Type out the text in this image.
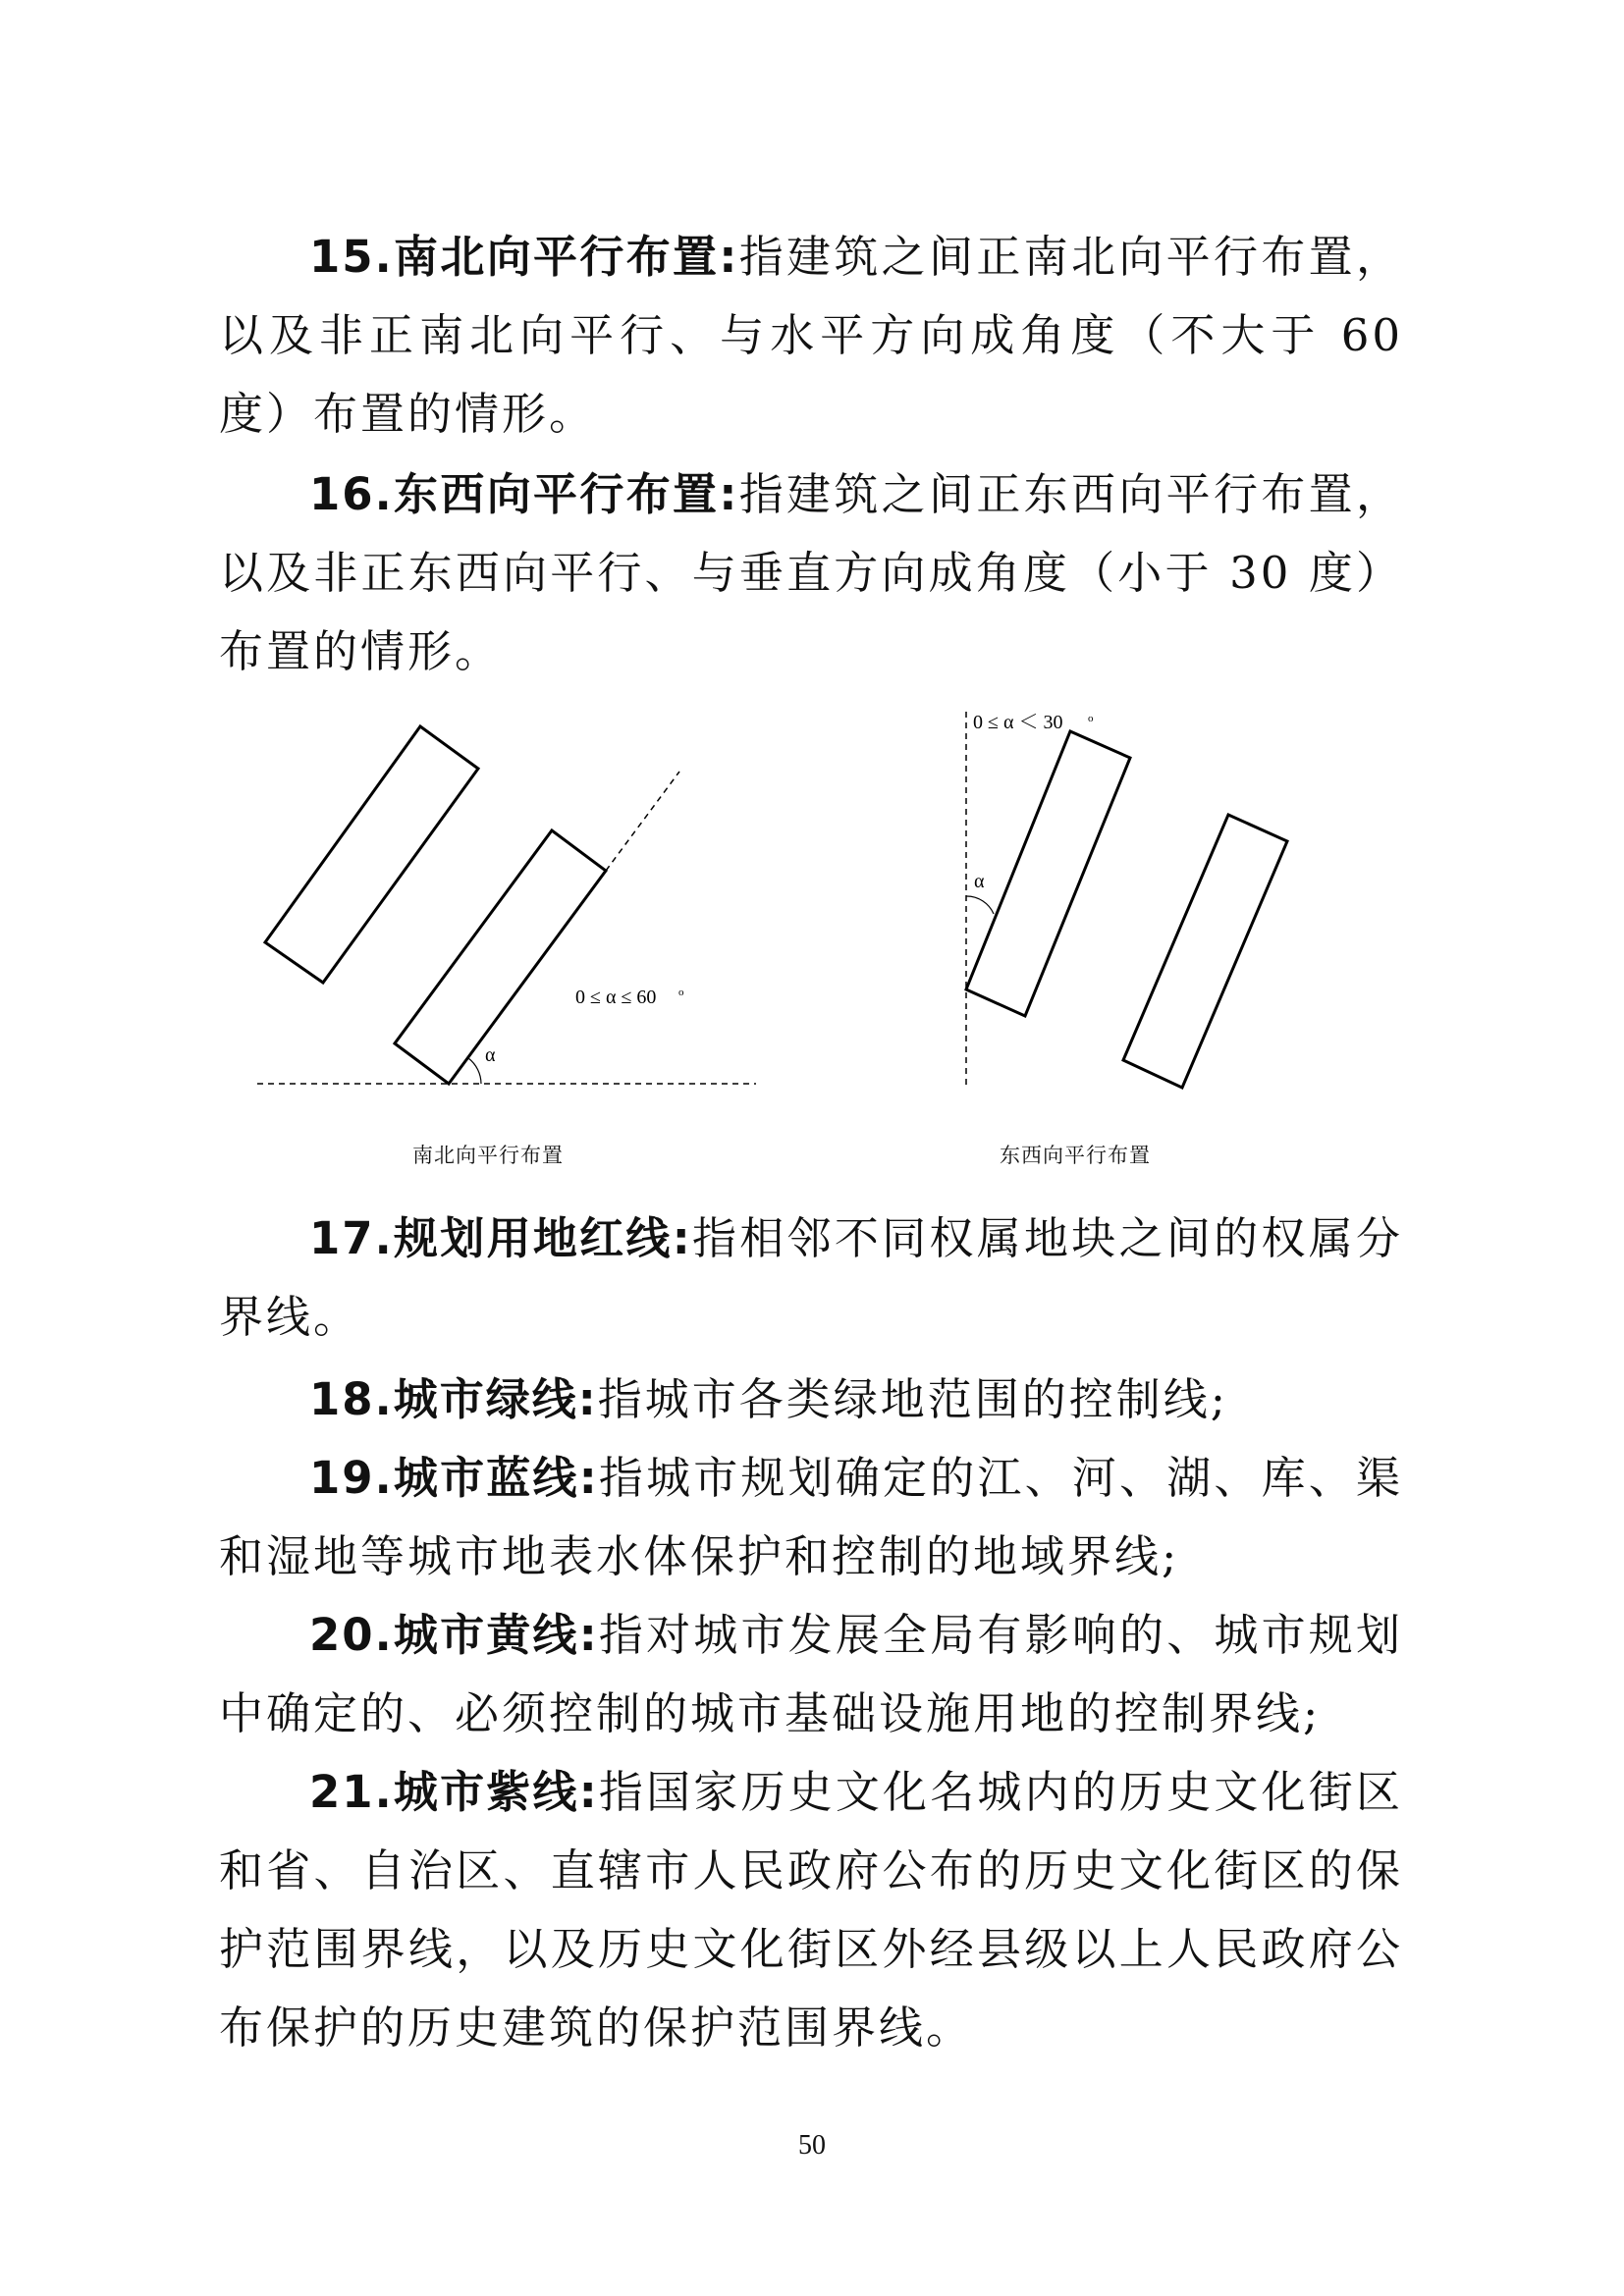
15.南北向平行布置:指建筑之间正南北向平行布置，以及非正南北向平行、与水平方向成角度（不大于 60 度）布置的情形。

16.东西向平行布置:指建筑之间正东西向平行布置，以及非正东西向平行、与垂直方向成角度（小于 30 度）布置的情形。

α
0 ≤ α ≤ 60 o
南北向平行布置
α
0 ≤ α ＜ 30 o
东西向平行布置

17.规划用地红线:指相邻不同权属地块之间的权属分界线。

18.城市绿线:指城市各类绿地范围的控制线;

19.城市蓝线:指城市规划确定的江、河、湖、库、渠和湿地等城市地表水体保护和控制的地域界线;

20.城市黄线:指对城市发展全局有影响的、城市规划中确定的、必须控制的城市基础设施用地的控制界线;

21.城市紫线:指国家历史文化名城内的历史文化街区和省、自治区、直辖市人民政府公布的历史文化街区的保护范围界线，以及历史文化街区外经县级以上人民政府公布保护的历史建筑的保护范围界线。

50
